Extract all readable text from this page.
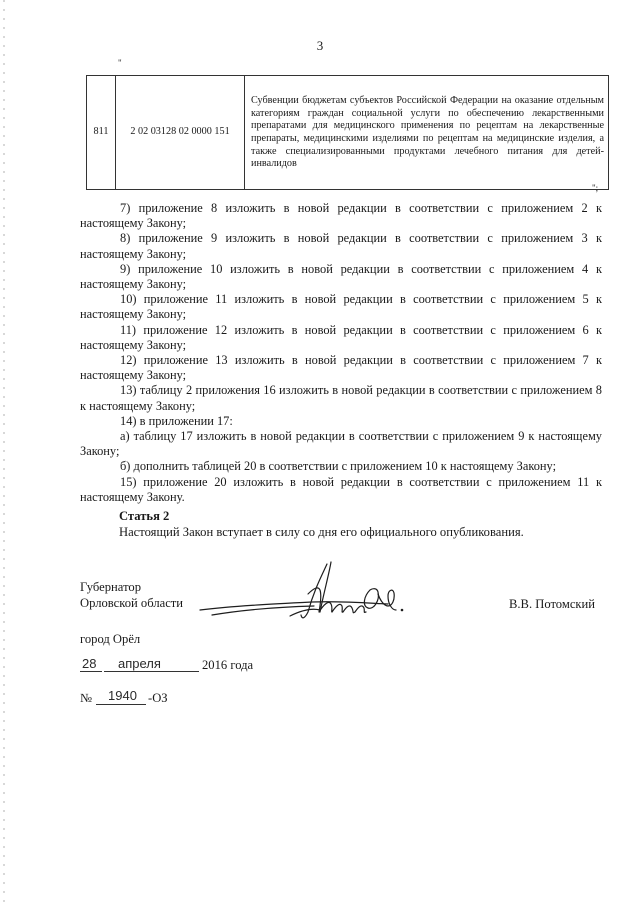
3
"
811	2 02 03128 02 0000 151	Субвенции бюджетам субъектов Российской Федерации на оказание отдельным категориям граждан социальной услуги по обеспечению лекарственными препаратами для медицинского применения по рецептам на лекарственные препараты, медицинскими изделиями по рецептам на медицинские изделия, а также специализированными продуктами лечебного питания для детей-инвалидов
";

7) приложение 8 изложить в новой редакции в соответствии с приложением 2 к настоящему Закону;

8) приложение 9 изложить в новой редакции в соответствии с приложением 3 к настоящему Закону;

9) приложение 10 изложить в новой редакции в соответствии с приложением 4 к настоящему Закону;

10) приложение 11 изложить в новой редакции в соответствии с приложением 5 к настоящему Закону;

11) приложение 12 изложить в новой редакции в соответствии с приложением 6 к настоящему Закону;

12) приложение 13 изложить в новой редакции в соответствии с приложением 7 к настоящему Закону;

13) таблицу 2 приложения 16 изложить в новой редакции в соответствии с приложением 8 к настоящему Закону;

14) в приложении 17:

а) таблицу 17 изложить в новой редакции в соответствии с приложением 9 к настоящему Закону;

б) дополнить таблицей 20 в соответствии с приложением 10 к настоящему Закону;

15) приложение 20 изложить в новой редакции в соответствии с приложением 11 к настоящему Закону.

Статья 2
Настоящий Закон вступает в силу со дня его официального опубликования.
Губернатор
Орловской области	В.В. Потомский
город Орёл
28 апреля	2016 года
№ 1940 -ОЗ
